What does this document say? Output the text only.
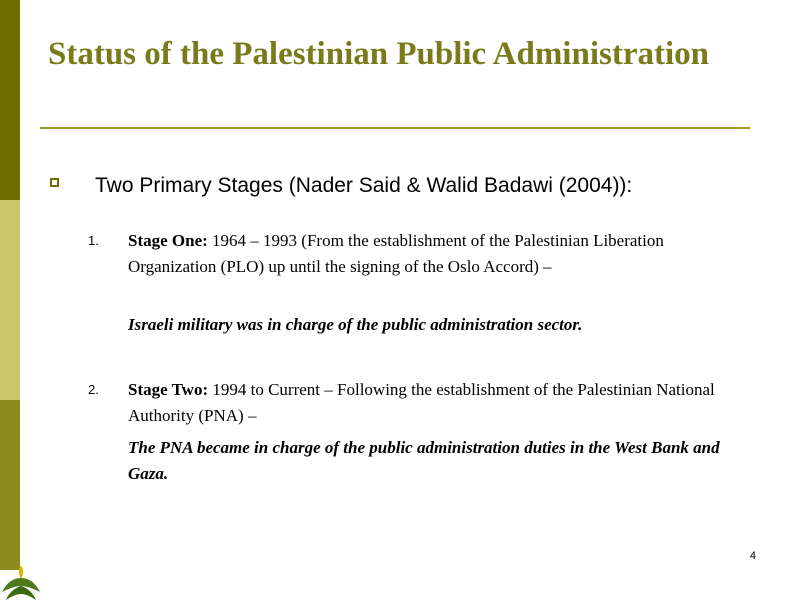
Status of the Palestinian Public Administration
Two Primary Stages (Nader Said & Walid Badawi (2004)):
1. Stage One: 1964 – 1993 (From the establishment of the Palestinian Liberation Organization (PLO) up until the signing of the Oslo Accord) –
Israeli military was in charge of the public administration sector.
2. Stage Two: 1994 to Current – Following the establishment of the Palestinian National Authority (PNA) –
The PNA became in charge of the public administration duties in the West Bank and Gaza.
4
